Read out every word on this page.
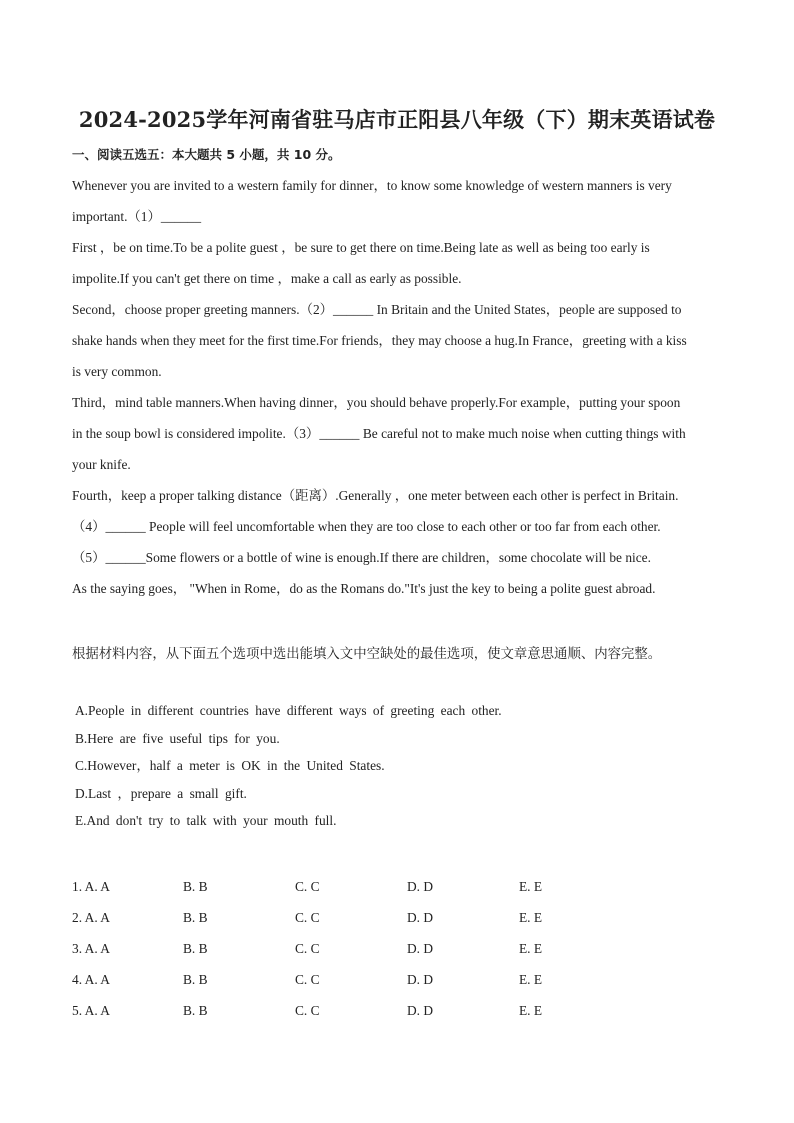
2024-2025学年河南省驻马店市正阳县八年级（下）期末英语试卷
一、阅读五选五：本大题共 5 小题，共 10 分。
Whenever you are invited to a western family for dinner，to know some knowledge of western manners is very
important.（1）______
First ，be on time.To be a polite guest ，be sure to get there on time.Being late as well as being too early is
impolite.If you can't get there on time ，make a call as early as possible.
Second，choose proper greeting manners.（2）______ In Britain and the United States，people are supposed to
shake hands when they meet for the first time.For friends，they may choose a hug.In France，greeting with a kiss
is very common.
Third，mind table manners.When having dinner，you should behave properly.For example，putting your spoon
in the soup bowl is considered impolite.（3）______ Be careful not to make much noise when cutting things with
your knife.
Fourth，keep a proper talking distance（距离）.Generally ，one meter between each other is perfect in Britain.
（4）______ People will feel uncomfortable when they are too close to each other or too far from each other.
（5）______Some flowers or a bottle of wine is enough.If there are children，some chocolate will be nice.
As the saying goes， "When in Rome，do as the Romans do."It's just the key to being a polite guest abroad.
根据材料内容，从下面五个选项中选出能填入文中空缺处的最佳选项，使文章意思通顺、内容完整。
A.People in different countries have different ways of greeting each other.
B.Here are five useful tips for you.
C.However，half a meter is OK in the United States.
D.Last ，prepare a small gift.
E.And don't try to talk with your mouth full.
1. A. A	B. B	C. C	D. D	E. E
2. A. A	B. B	C. C	D. D	E. E
3. A. A	B. B	C. C	D. D	E. E
4. A. A	B. B	C. C	D. D	E. E
5. A. A	B. B	C. C	D. D	E. E
